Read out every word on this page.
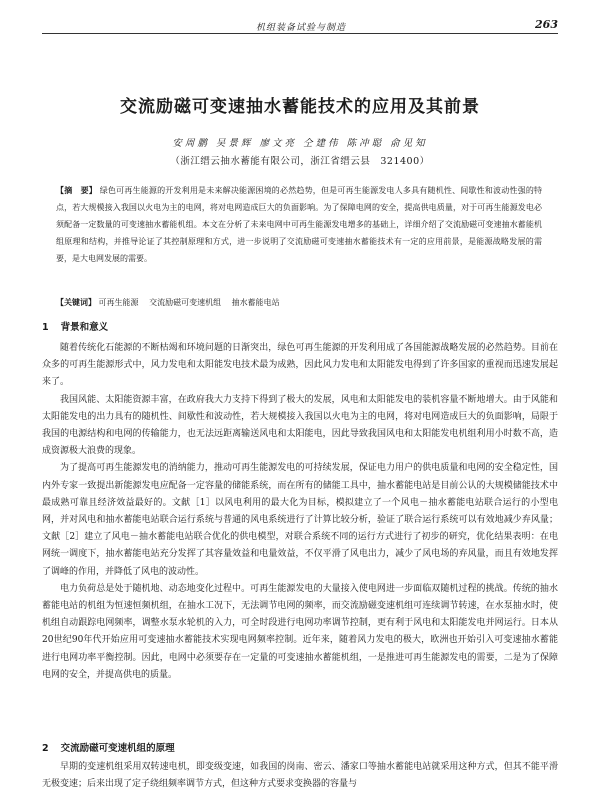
机组装备试验与制造	263
交流励磁可变速抽水蓄能技术的应用及其前景
安周鹏 吴景辉 廖文亮 仝建伟 陈冲聪 俞见知
（浙江缙云抽水蓄能有限公司，浙江省缙云县　321400）
【摘　要】 绿色可再生能源的开发利用是未来解决能源困境的必然趋势，但是可再生能源发电人多具有随机性、间歇性和波动性强的特点，若大规模接入我国以火电为主的电网，将对电网造成巨大的负面影响。为了保障电网的安全，提高供电质量，对于可再生能源发电必须配备一定数量的可变速抽水蓄能机组。本文在分析了未来电网中可再生能源发电增多的基础上，详细介绍了交流励磁可变速抽水蓄能机组原理和结构，并推导论证了其控制原理和方式，进一步说明了交流励磁可变速抽水蓄能技术有一定的应用前景，是能源战略发展的需要，是大电网发展的需要。
【关键词】 可再生能源 交流励磁可变速机组 抽水蓄能电站
1 背景和意义

随着传统化石能源的不断枯竭和环境问题的日渐突出，绿色可再生能源的开发利用成了各国能源战略发展的必然趋势。目前在众多的可再生能源形式中，风力发电和太阳能发电技术最为成熟，因此风力发电和太阳能发电得到了许多国家的重视而迅速发展起来了。

我国风能、太阳能资源丰富，在政府我大力支持下得到了极大的发展，风电和太阳能发电的装机容量不断地增大。由于风能和太阳能发电的出力具有的随机性、间歇性和波动性，若大规模接入我国以火电为主的电网，将对电网造成巨大的负面影响，局限于我国的电源结构和电网的传输能力，也无法远距离输送风电和太阳能电，因此导致我国风电和太阳能发电机组利用小时数不高，造成资源极大浪费的现象。

为了提高可再生能源发电的消纳能力，推动可再生能源发电的可持续发展，保证电力用户的供电质量和电网的安全稳定性，国内外专家一致提出新能源发电应配备一定容量的储能系统，而在所有的储能工具中，抽水蓄能电站是目前公认的大规模储能技术中最成熟可靠且经济效益最好的。文献［1］以风电利用的最大化为目标，模拟建立了一个风电－抽水蓄能电站联合运行的小型电网，并对风电和抽水蓄能电站联合运行系统与普通的风电系统进行了计算比较分析，验证了联合运行系统可以有效地减少弃风量；文献［2］建立了风电－抽水蓄能电站联合优化的供电模型，对联合系统不同的运行方式进行了初步的研究，优化结果表明：在电网统一调度下，抽水蓄能电站充分发挥了其容量效益和电量效益，不仅平滑了风电出力，减少了风电场的弃风量，而且有效地发挥了调峰的作用，并降低了风电的波动性。

电力负荷总是处于随机地、动态地变化过程中。可再生能源发电的大量接入使电网进一步面临双随机过程的挑战。传统的抽水蓄能电站的机组为恒速恒频机组，在抽水工况下，无法调节电网的频率，而交流励磁变速机组可连续调节转速，在水泵抽水时，使机组自动跟踪电网频率，调整水泵水轮机的入力，可全时段进行电网功率调节控制，更有利于风电和太阳能发电并网运行。日本从20世纪90年代开始应用可变速抽水蓄能技术实现电网频率控制。近年来，随着风力发电的极大，欧洲也开始引入可变速抽水蓄能进行电网功率平衡控制。因此，电网中必须要存在一定量的可变速抽水蓄能机组，一是推进可再生能源发电的需要，二是为了保障电网的安全，并提高供电的质量。

2 交流励磁可变速机组的原理

早期的变速机组采用双转速电机，即变级变速，如我国的岗南、密云、潘家口等抽水蓄能电站就采用这种方式，但其不能平滑无极变速；后来出现了定子绕组频率调节方式，但这种方式要求变换器的容量与
